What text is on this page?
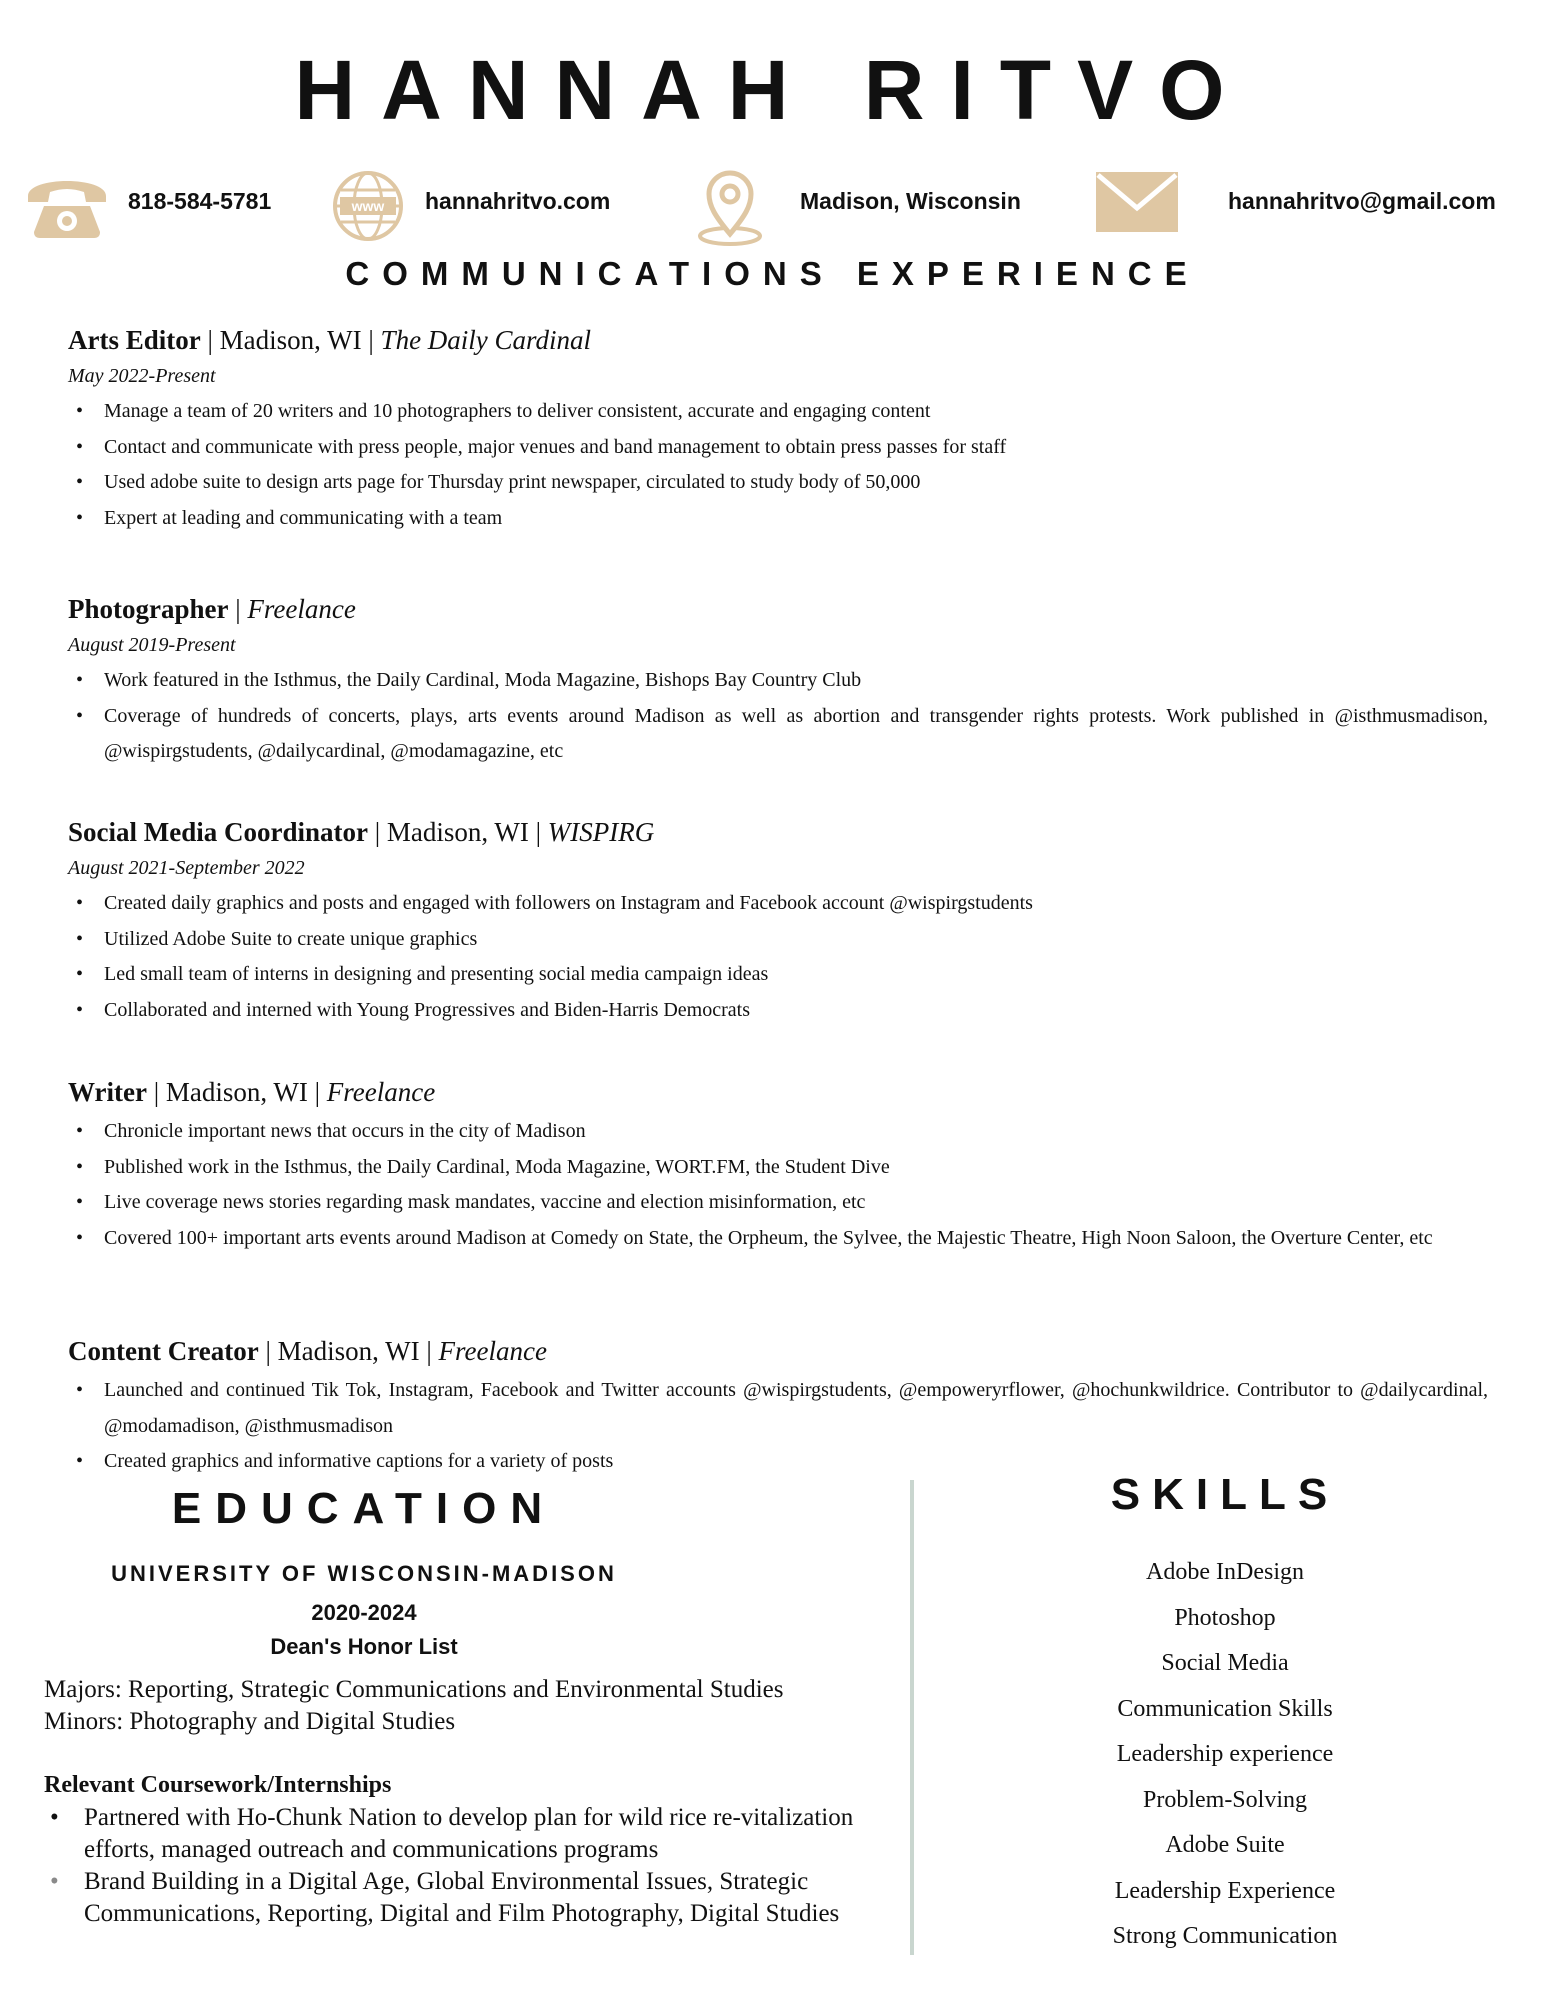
HANNAH RITVO
818-584-5781	www hannahritvo.com	Madison, Wisconsin	hannahritvo@gmail.com
COMMUNICATIONS EXPERIENCE
Arts Editor | Madison, WI | The Daily Cardinal
May 2022-Present
• Manage a team of 20 writers and 10 photographers to deliver consistent, accurate and engaging content
• Contact and communicate with press people, major venues and band management to obtain press passes for staff
• Used adobe suite to design arts page for Thursday print newspaper, circulated to study body of 50,000
• Expert at leading and communicating with a team
Photographer | Freelance
August 2019-Present
• Work featured in the Isthmus, the Daily Cardinal, Moda Magazine, Bishops Bay Country Club
• Coverage of hundreds of concerts, plays, arts events around Madison as well as abortion and transgender rights protests. Work published in @isthmusmadison, @wispirgstudents, @dailycardinal, @modamagazine, etc
Social Media Coordinator | Madison, WI | WISPIRG
August 2021-September 2022
• Created daily graphics and posts and engaged with followers on Instagram and Facebook account @wispirgstudents
• Utilized Adobe Suite to create unique graphics
• Led small team of interns in designing and presenting social media campaign ideas
• Collaborated and interned with Young Progressives and Biden-Harris Democrats
Writer | Madison, WI | Freelance
• Chronicle important news that occurs in the city of Madison
• Published work in the Isthmus, the Daily Cardinal, Moda Magazine, WORT.FM, the Student Dive
• Live coverage news stories regarding mask mandates, vaccine and election misinformation, etc
• Covered 100+ important arts events around Madison at Comedy on State, the Orpheum, the Sylvee, the Majestic Theatre, High Noon Saloon, the Overture Center, etc
Content Creator | Madison, WI | Freelance
• Launched and continued Tik Tok, Instagram, Facebook and Twitter accounts @wispirgstudents, @empoweryrflower, @hochunkwildrice. Contributor to @dailycardinal, @modamadison, @isthmusmadison
• Created graphics and informative captions for a variety of posts
EDUCATION
UNIVERSITY OF WISCONSIN-MADISON
2020-2024
Dean's Honor List
Majors: Reporting, Strategic Communications and Environmental Studies
Minors: Photography and Digital Studies
Relevant Coursework/Internships
• Partnered with Ho-Chunk Nation to develop plan for wild rice re-vitalization efforts, managed outreach and communications programs
• Brand Building in a Digital Age, Global Environmental Issues, Strategic Communications, Reporting, Digital and Film Photography, Digital Studies
SKILLS
Adobe InDesign
Photoshop
Social Media
Communication Skills
Leadership experience
Problem-Solving
Adobe Suite
Leadership Experience
Strong Communication
